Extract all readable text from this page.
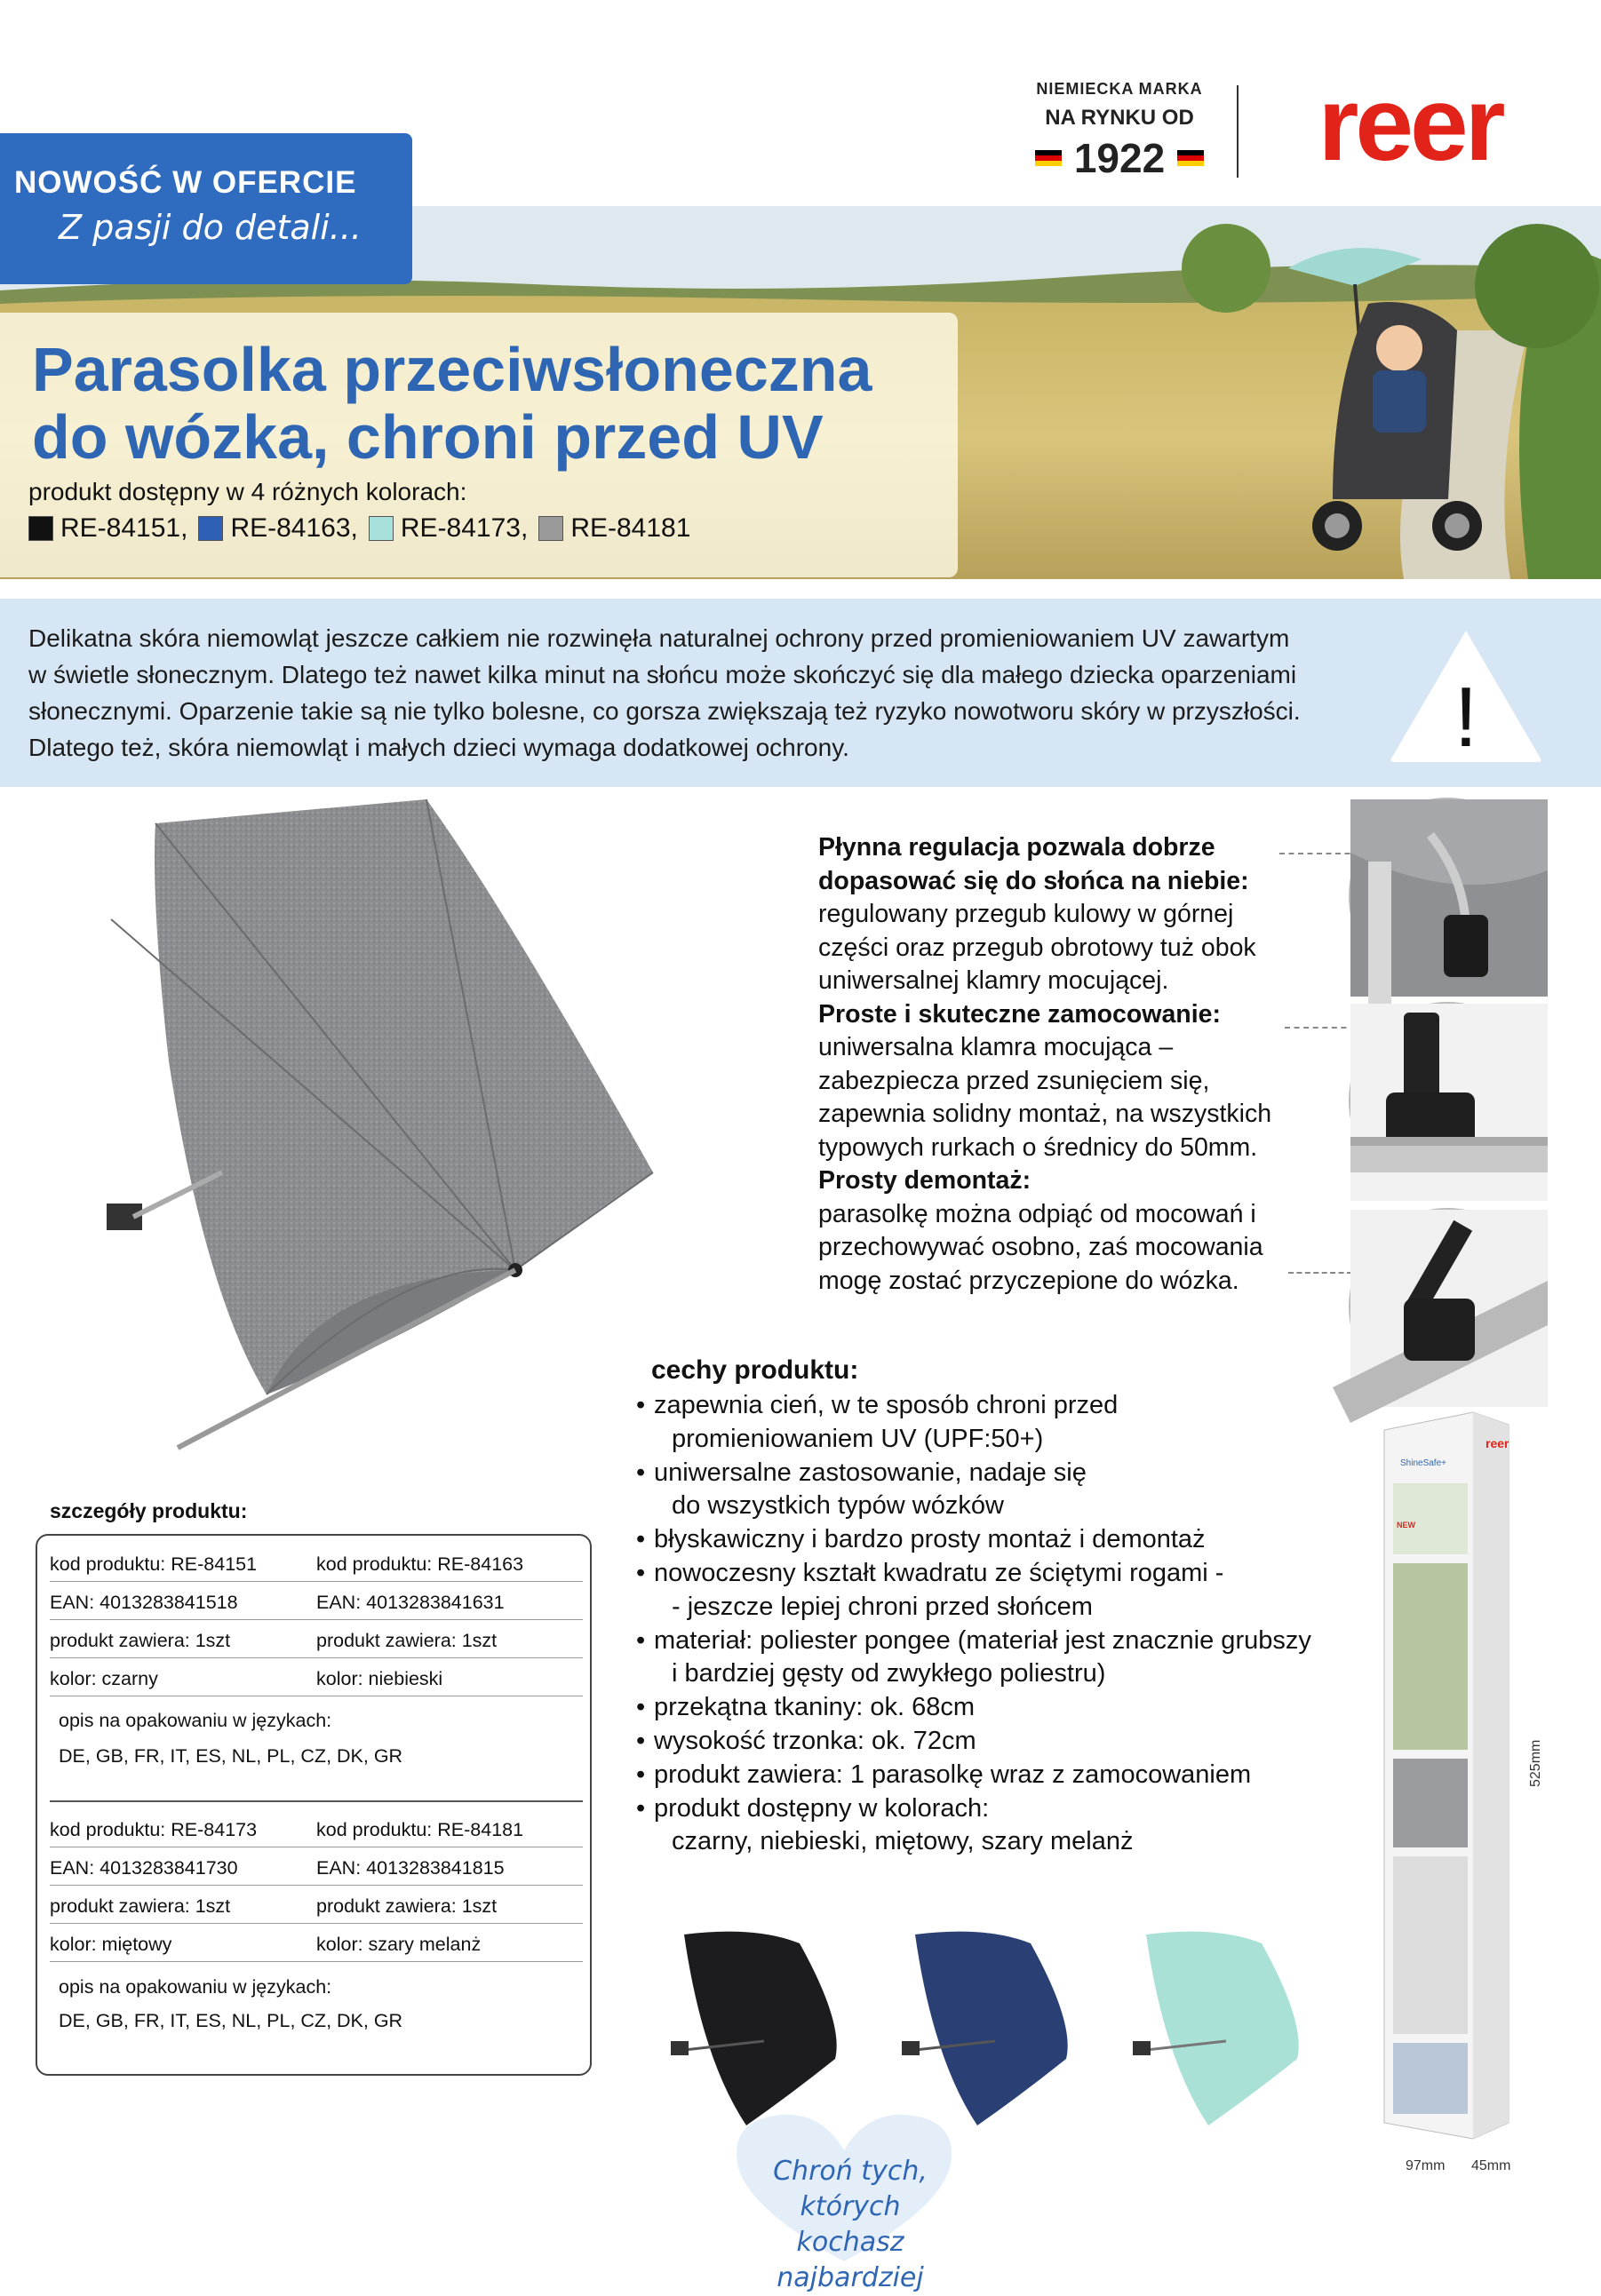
NIEMIECKA MARKA
NA RYNKU OD
1922 reer
NOWOŚĆ W OFERCIE
Z pasji do detali...
Parasolka przeciwsłoneczna
do wózka, chroni przed UV
produkt dostępny w 4 różnych kolorach:
RE-84151, RE-84163, RE-84173, RE-84181
Delikatna skóra niemowląt jeszcze całkiem nie rozwinęła naturalnej ochrony przed promieniowaniem UV zawartym
w świetle słonecznym. Dlatego też nawet kilka minut na słońcu może skończyć się dla małego dziecka oparzeniami
słonecznymi. Oparzenie takie są nie tylko bolesne, co gorsza zwiększają też ryzyko nowotworu skóry w przyszłości.
Dlatego też, skóra niemowląt i małych dzieci wymaga dodatkowej ochrony.	!
Płynna regulacja pozwala dobrze
dopasować się do słońca na niebie:
regulowany przegub kulowy w górnej
części oraz przegub obrotowy tuż obok
uniwersalnej klamry mocującej.
Proste i skuteczne zamocowanie:
uniwersalna klamra mocująca –
zabezpiecza przed zsunięciem się,
zapewnia solidny montaż, na wszystkich
typowych rurkach o średnicy do 50mm.
Prosty demontaż:
parasolkę można odpiąć od mocowań i
przechowywać osobno, zaś mocowania
mogę zostać przyczepione do wózka.
cechy produktu:
• zapewnia cień, w te sposób chroni przed
promieniowaniem UV (UPF:50+)
• uniwersalne zastosowanie, nadaje się
do wszystkich typów wózków
• błyskawiczny i bardzo prosty montaż i demontaż
• nowoczesny kształt kwadratu ze ściętymi rogami -
- jeszcze lepiej chroni przed słońcem
• materiał: poliester pongee (materiał jest znacznie grubszy
i bardziej gęsty od zwykłego poliestru)
• przekątna tkaniny: ok. 68cm
• wysokość trzonka: ok. 72cm
• produkt zawiera: 1 parasolkę wraz z zamocowaniem
• produkt dostępny w kolorach:
czarny, niebieski, miętowy, szary melanż
szczegóły produktu:
kod produktu: RE-84151	kod produktu: RE-84163
EAN: 4013283841518	EAN: 4013283841631
produkt zawiera: 1szt	produkt zawiera: 1szt
kolor: czarny	kolor: niebieski
opis na opakowaniu w językach:
DE, GB, FR, IT, ES, NL, PL, CZ, DK, GR
kod produktu: RE-84173	kod produktu: RE-84181
EAN: 4013283841730	EAN: 4013283841815
produkt zawiera: 1szt	produkt zawiera: 1szt
kolor: miętowy	kolor: szary melanż
opis na opakowaniu w językach:
DE, GB, FR, IT, ES, NL, PL, CZ, DK, GR
reer
ShineSafe+
NEW
525mm
97mm 45mm
Chroń tych, których
kochasz najbardziej
